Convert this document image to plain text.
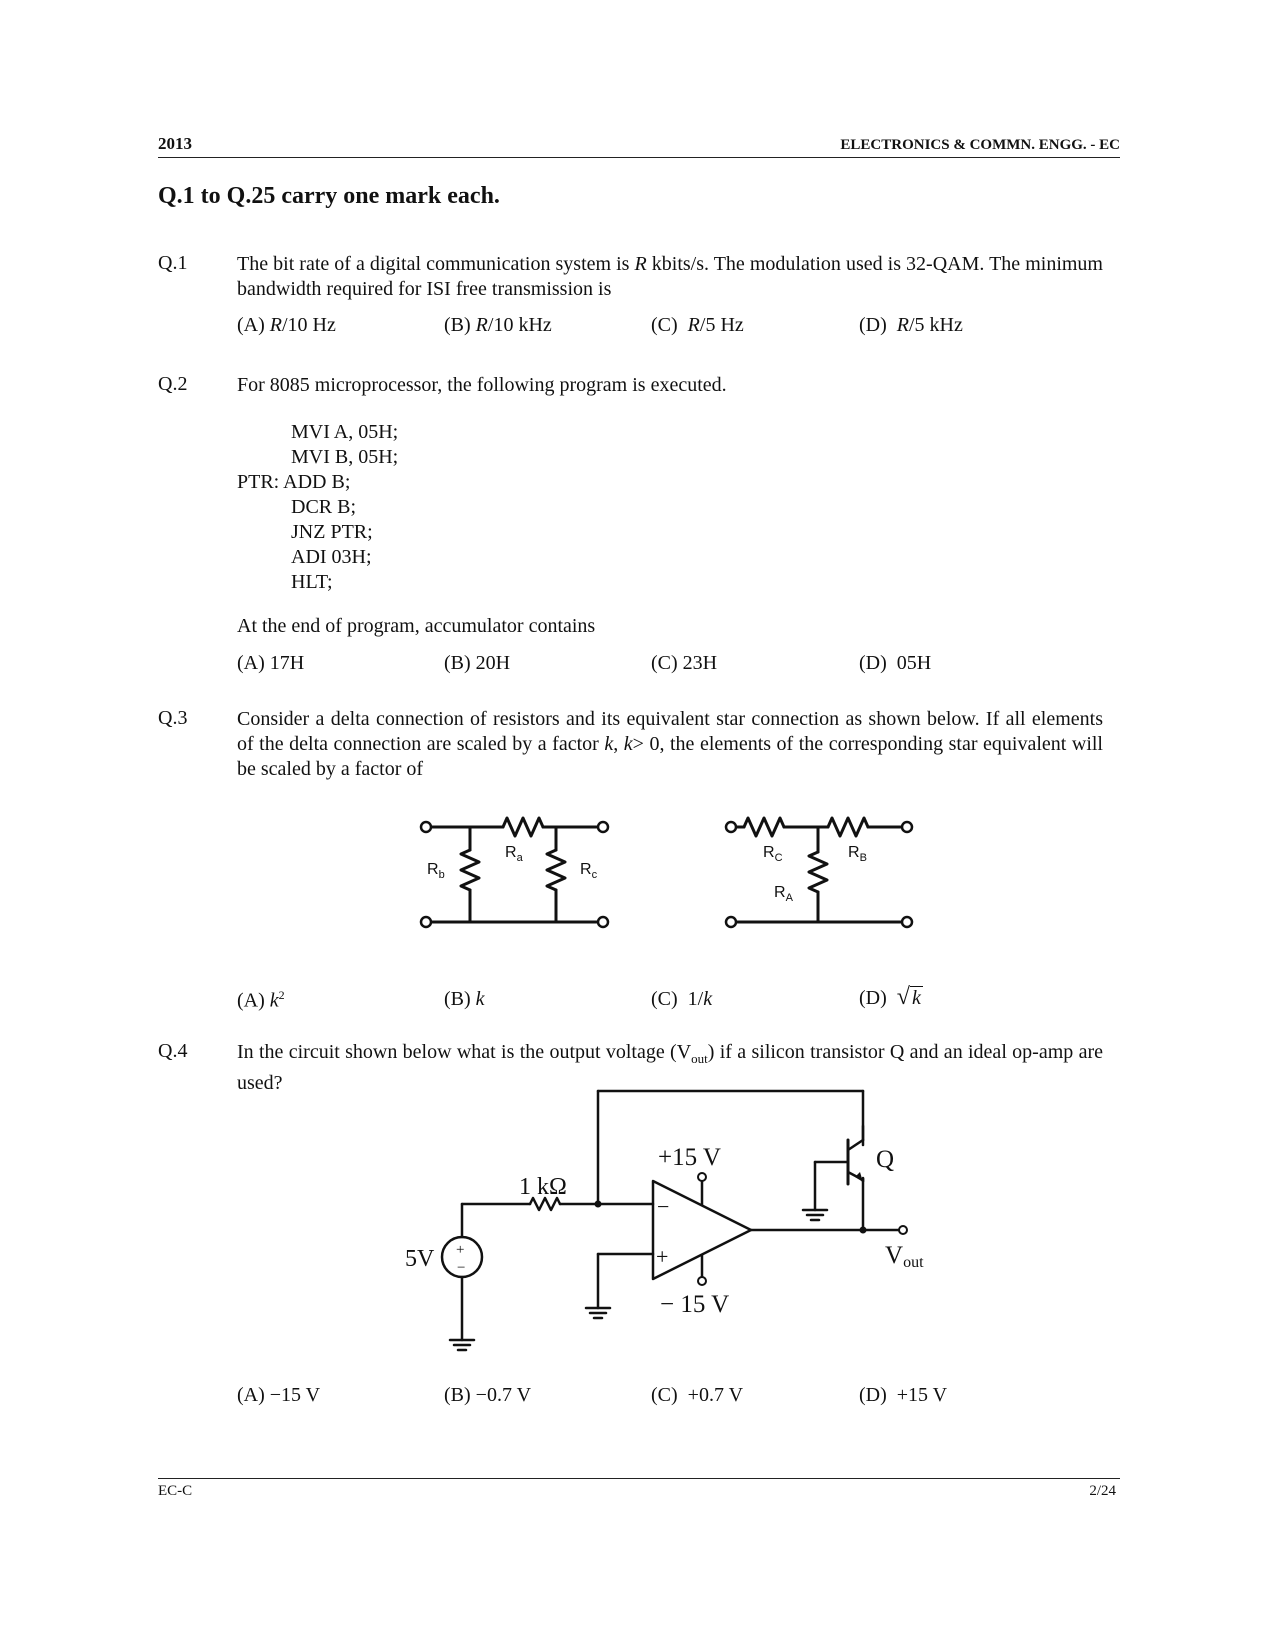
2013	ELECTRONICS & COMMN. ENGG. - EC
Q.1 to Q.25 carry one mark each.
Q.1 The bit rate of a digital communication system is R kbits/s. The modulation used is 32-QAM. The minimum bandwidth required for ISI free transmission is
(A) R/10 Hz	(B) R/10 kHz	(C) R/5 Hz	(D) R/5 kHz
Q.2 For 8085 microprocessor, the following program is executed.
MVI A, 05H;
MVI B, 05H;
PTR: ADD B;
DCR B;
JNZ PTR;
ADI 03H;
HLT;
At the end of program, accumulator contains
(A) 17H	(B) 20H	(C) 23H	(D) 05H
Q.3 Consider a delta connection of resistors and its equivalent star connection as shown below. If all elements of the delta connection are scaled by a factor k, k> 0, the elements of the corresponding star equivalent will be scaled by a factor of
$R_a$
$R_b$	$R_c$
$R_C$	$R_B$
$R_A$
1 kΩ
5V +
−
+15 V
− 15 V
−
+
Q
Vout
(A) $k^2$	(B) k	(C) 1/k	(D) √ k
Q.4 In the circuit shown below what is the output voltage $(V_{out})$ if a silicon transistor Q and an ideal op-amp are used?
(A) −15 V	(B) −0.7 V	(C) +0.7 V	(D) +15 V
EC-C	2/24
